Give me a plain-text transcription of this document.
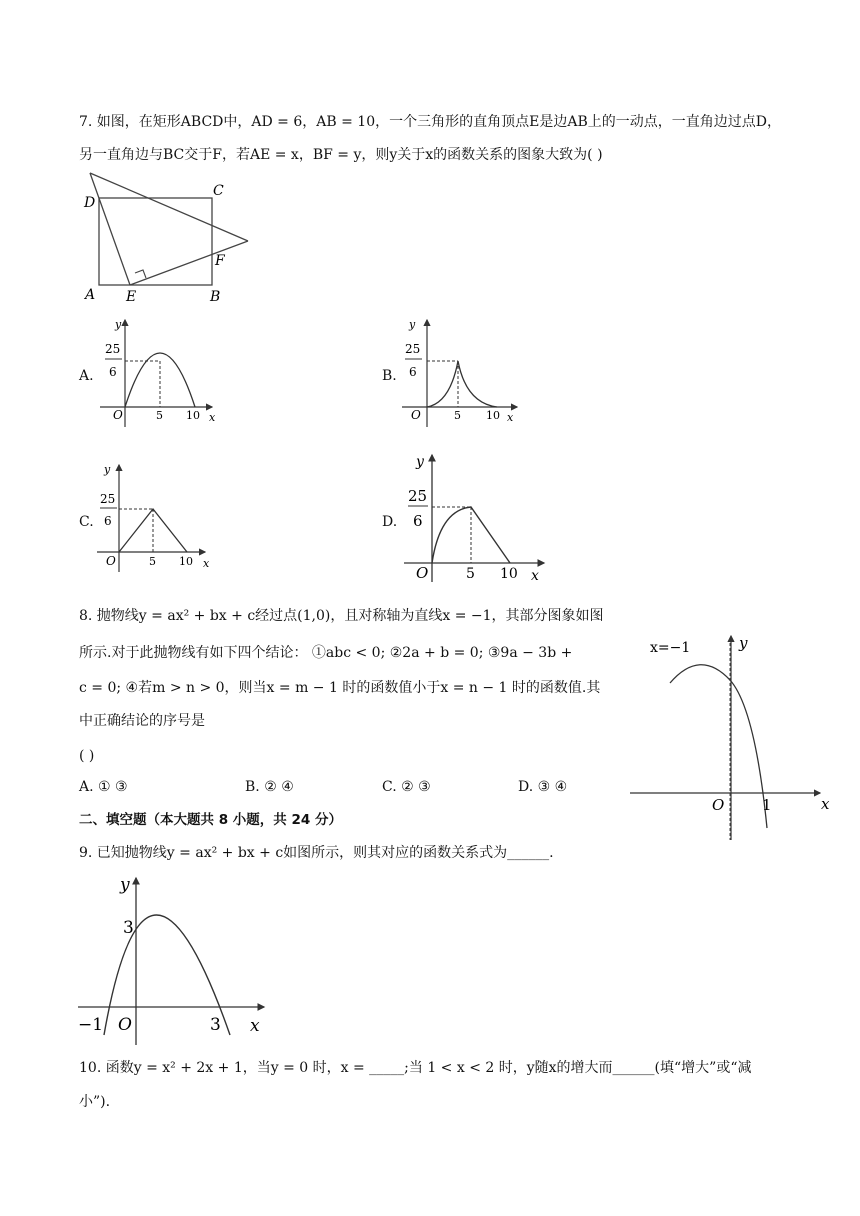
7. 如图，在矩形ABCD中，AD = 6，AB = 10，一个三角形的直角顶点E是边AB上的一动点，一直角边过点D，
另一直角边与BC交于F，若AE = x，BF = y，则y关于x的函数关系的图象大致为( )
D
C
F
A E	B
A.
y
25
6
O	5 10 x
B.
y
25
6
O	5 10 x
C.
y
25
6
O	5 10 x
D.
y
25
6
O	5 10 x
8. 抛物线y = ax² + bx + c经过点(1,0)，且对称轴为直线x = −1，其部分图象如图
所示.对于此抛物线有如下四个结论： ①abc < 0; ②2a + b = 0; ③9a − 3b +
c = 0; ④若m > n > 0，则当x = m − 1 时的函数值小于x = n − 1 时的函数值.其
中正确结论的序号是
( )
A. ① ③	B. ② ④	C. ② ③	D. ③ ④
x=−1	y
x
O	1
二、填空题（本大题共 8 小题，共 24 分）
9. 已知抛物线y = ax² + bx + c如图所示，则其对应的函数关系式为______.
y
3
−1 O	3 x
10. 函数y = x² + 2x + 1，当y = 0 时，x = _____;当 1 < x < 2 时，y随x的增大而______(填“增大”或“减
小”).
